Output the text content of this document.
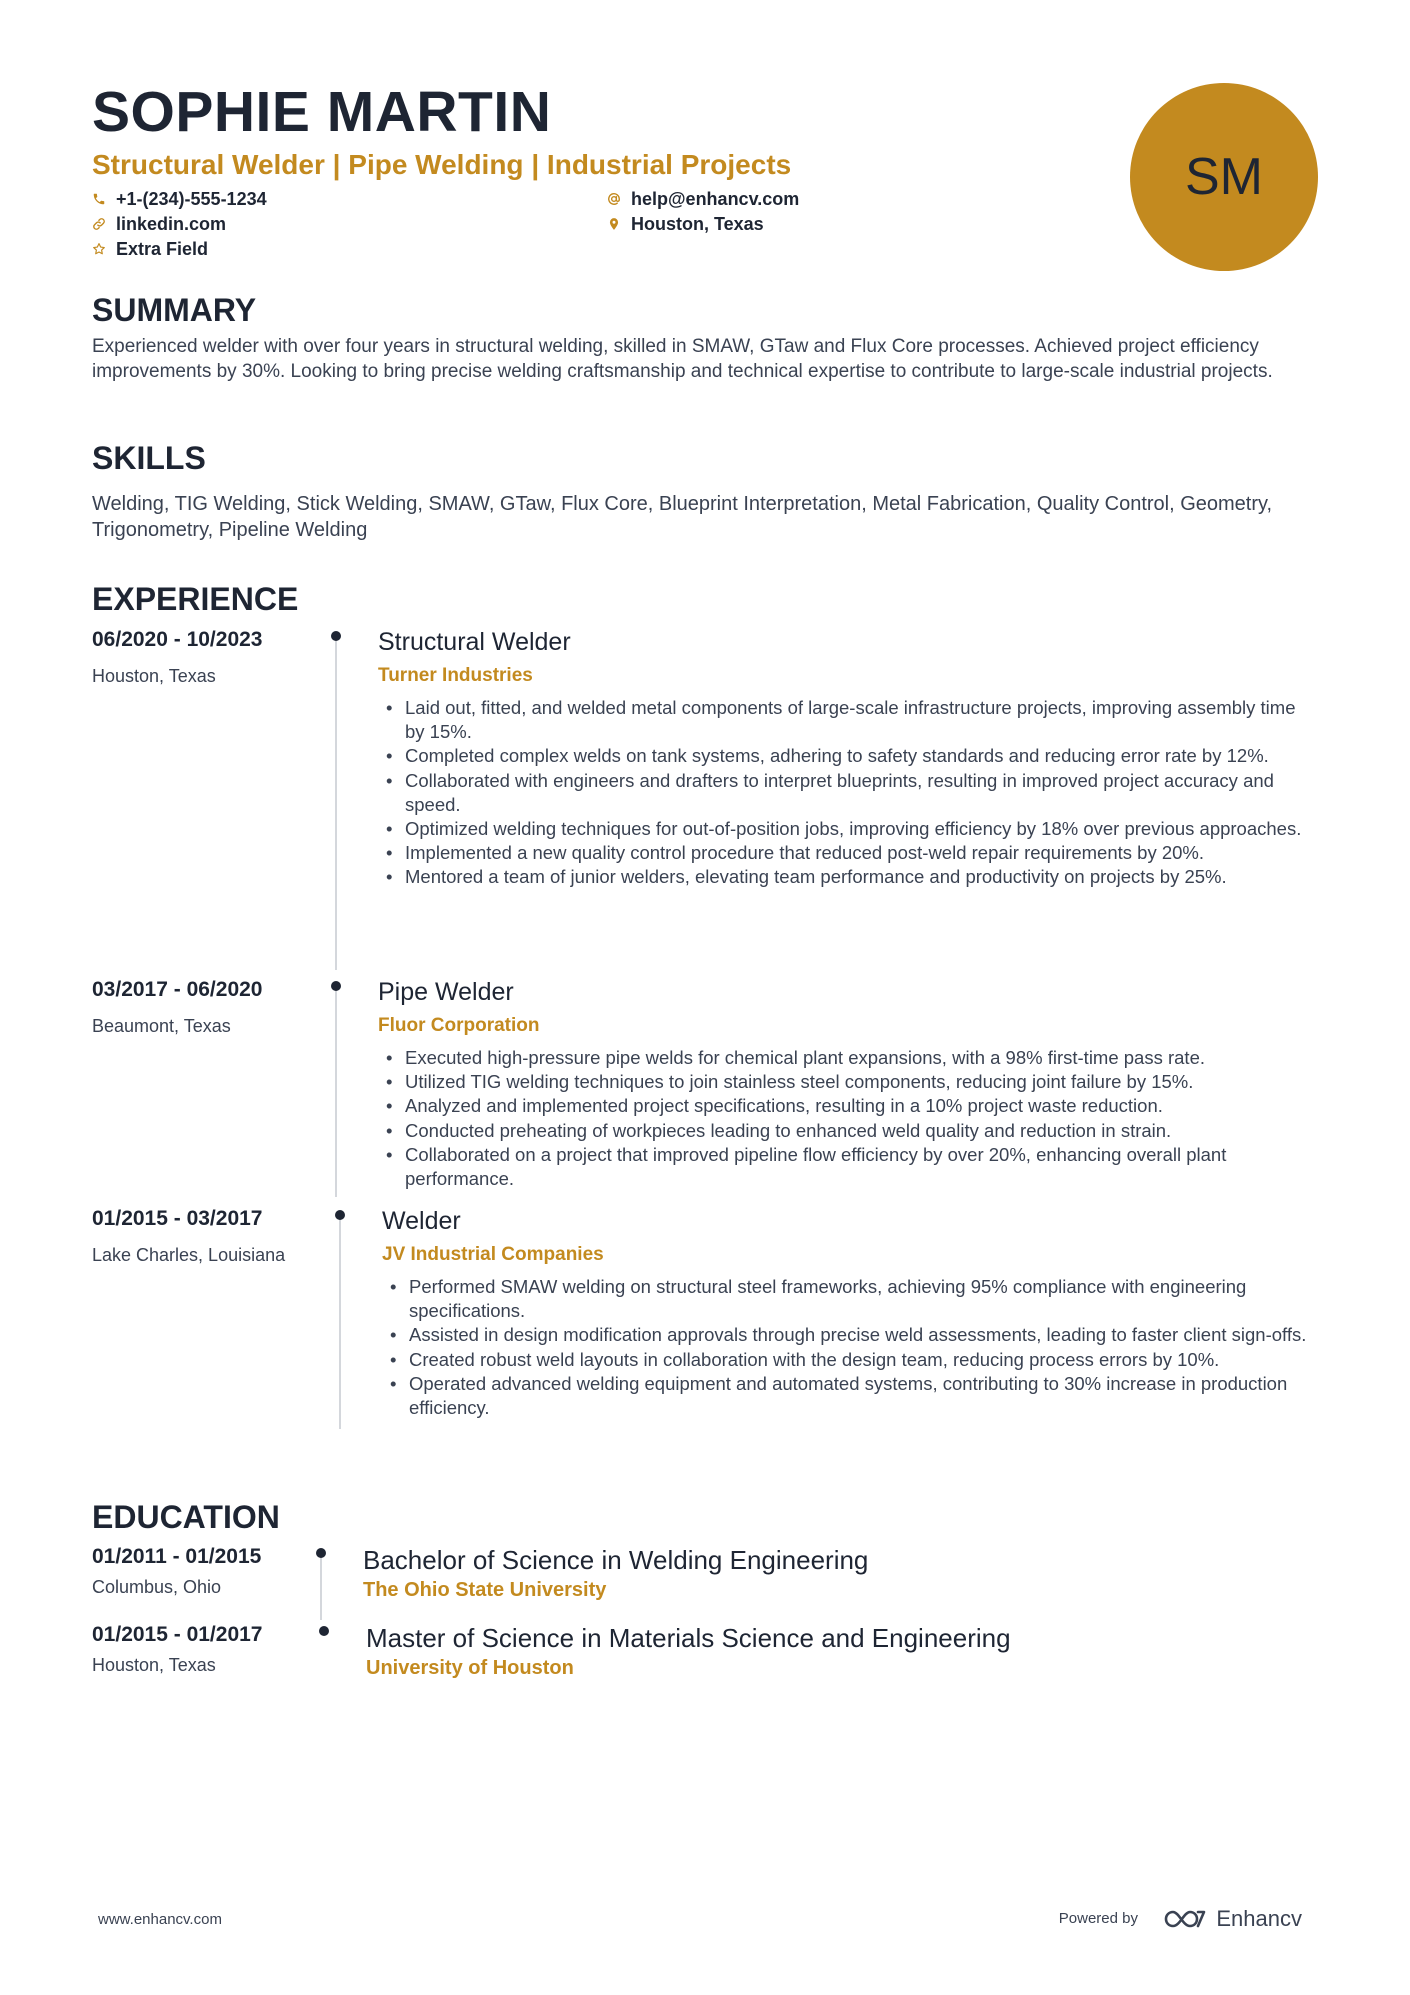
SOPHIE MARTIN
Structural Welder | Pipe Welding | Industrial Projects
+1-(234)-555-1234	help@enhancv.com
linkedin.com	Houston, Texas
Extra Field
SM
SUMMARY
Experienced welder with over four years in structural welding, skilled in SMAW, GTaw and Flux Core processes. Achieved project efficiency improvements by 30%. Looking to bring precise welding craftsmanship and technical expertise to contribute to large-scale industrial projects.
SKILLS
Welding, TIG Welding, Stick Welding, SMAW, GTaw, Flux Core, Blueprint Interpretation, Metal Fabrication, Quality Control, Geometry, Trigonometry, Pipeline Welding
EXPERIENCE
06/2020 - 10/2023
Houston, Texas
Structural Welder
Turner Industries
• Laid out, fitted, and welded metal components of large-scale infrastructure projects, improving assembly time by 15%.
• Completed complex welds on tank systems, adhering to safety standards and reducing error rate by 12%.
• Collaborated with engineers and drafters to interpret blueprints, resulting in improved project accuracy and speed.
• Optimized welding techniques for out-of-position jobs, improving efficiency by 18% over previous approaches.
• Implemented a new quality control procedure that reduced post-weld repair requirements by 20%.
• Mentored a team of junior welders, elevating team performance and productivity on projects by 25%.
03/2017 - 06/2020
Beaumont, Texas
Pipe Welder
Fluor Corporation
• Executed high-pressure pipe welds for chemical plant expansions, with a 98% first-time pass rate.
• Utilized TIG welding techniques to join stainless steel components, reducing joint failure by 15%.
• Analyzed and implemented project specifications, resulting in a 10% project waste reduction.
• Conducted preheating of workpieces leading to enhanced weld quality and reduction in strain.
• Collaborated on a project that improved pipeline flow efficiency by over 20%, enhancing overall plant performance.
01/2015 - 03/2017
Lake Charles, Louisiana
Welder
JV Industrial Companies
• Performed SMAW welding on structural steel frameworks, achieving 95% compliance with engineering specifications.
• Assisted in design modification approvals through precise weld assessments, leading to faster client sign-offs.
• Created robust weld layouts in collaboration with the design team, reducing process errors by 10%.
• Operated advanced welding equipment and automated systems, contributing to 30% increase in production efficiency.
EDUCATION
01/2011 - 01/2015
Columbus, Ohio
Bachelor of Science in Welding Engineering
The Ohio State University
01/2015 - 01/2017
Houston, Texas
Master of Science in Materials Science and Engineering
University of Houston
www.enhancv.com	Powered by	Enhancv
